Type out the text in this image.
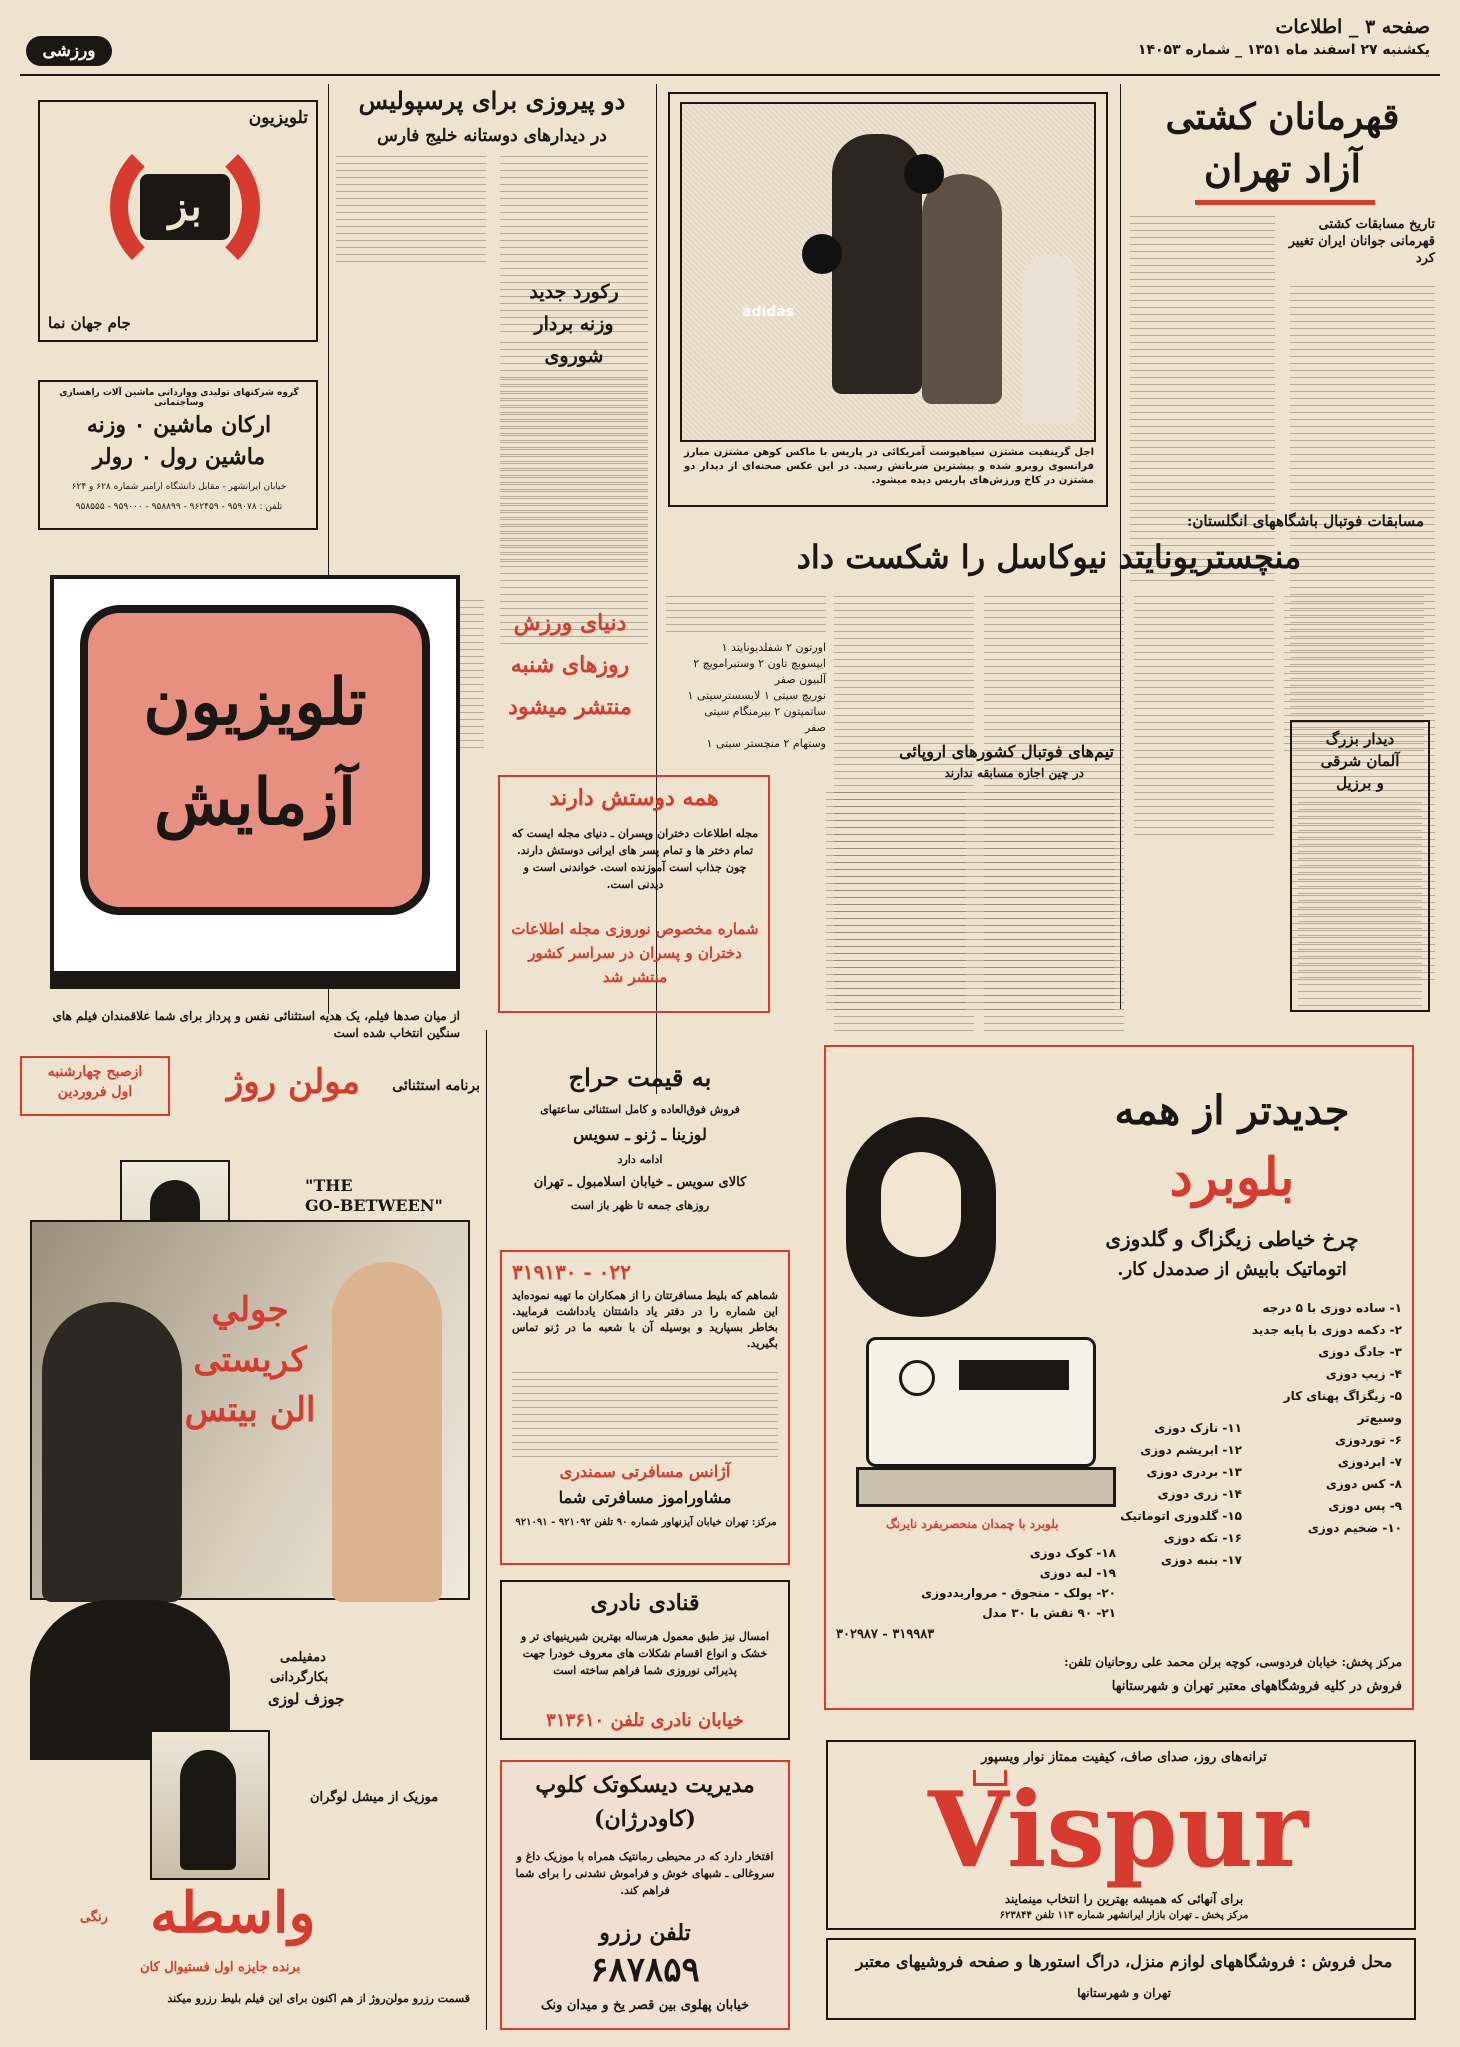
صفحه ۳ _ اطلاعات
یکشنبه ۲۷ اسفند ماه ۱۳۵۱ _ شماره ۱۴۰۵۳
ورزشی
قهرمانان کشتی
آزاد تهران
تاریخ مسابقات کشتی قهرمانی جوانان ایران تغییر کرد
adidas
اجل گرینفیت مشتزن سیاهپوست آمریکائی در پاریس با ماکس کوهن مشتزن مبارز فرانسوی روبرو شده و بیشترین ضرباتش رسید. در این عکس صحنه‌ای از دیدار دو مشتزن در کاخ ورزش‌های پاریس دیده میشود.
دو پیروزی برای پرسپولیس
در دیدارهای دوستانه خلیج فارس
رکورد جدید
وزنه بردار
شوروی
تلویزیون
بز
جام جهان نما
گروه شرکتهای تولیدی وواردانی ماشین آلات راهسازی وساختمانی
ارکان ماشین ۰ وزنه
ماشین رول ۰ رولر
خیابان ایرانشهر - مقابل دانشگاه ارامبر شماره ۶۲۸ و ۶۲۴
تلفن : ۹۵۹۰۷۸ - ۹۶۲۴۵۹ - ۹۵۸۸۹۹ - ۹۵۹۰۰۰ - ۹۵۸۵۵۵
مسابقات فوتبال باشگاههای انگلستان:
منچستریونایتد نیوکاسل را شکست داد
اورتون ۲ شفلدیونایتد ۱
ایپسویچ تاون ۲ وستبرامویچ ۲
آلبیون صفر
نوریچ سیتی ۱ لایسسترسیتی ۱
ساتمپتون ۲ بیرمنگام سیتی
صفر
وستهام ۲ منچستر سیتی ۱	تیم‌های فوتبال کشورهای اروپائی
در چین اجازه مسابقه ندارند
دیدار بزرگ
آلمان شرقی
و برزیل
دنیای ورزش
روزهای شنبه
منتشر میشود
تلویزیون
آزمایش
از میان صدها فیلم، یک هدیه استثنائی نفس و پرداز برای شما علاقمندان فیلم های سنگین انتخاب شده است
همه دوستش دارند
مجله اطلاعات دختران وپسران ـ دنیای مجله ایست که تمام دختر ها و تمام پسر های ایرانی دوستش دارند. چون جذاب است آموزنده است. خواندنی است و دیدنی است.
شماره مخصوص نوروزی مجله اطلاعات دختران و پسران در سراسر کشور منتشر شد
برنامه استثنائی
مولن روژ
ازصبح چهارشنبه
اول فروردین
"THE
GO-BETWEEN"
جولي
كريستى
الن بيتس
دمفیلمی
بکارگردانی
جوزف لوزی
موزیک از میشل لوگران
واسطه
رنگی
برنده جایزه اول فستیوال کان
قسمت رزرو مولن‌روژ از هم اکنون برای این فیلم بلیط رزرو میکند
به قیمت حراج
فروش فوق‌العاده و کامل استثنائی ساعتهای
لوزینا ـ ژنو ـ سویس
ادامه دارد
کالای سویس ـ خیابان اسلامبول ـ تهران
روزهای جمعه تا ظهر باز است
۳۱۹۱۳۰ - ۰۲۲
شماهم که بلیط مسافرتتان را از همکاران ما تهیه نموده‌اید این شماره را در دفتر یاد داشتتان یادداشت فرمایید. بخاطر بسپارید و بوسیله آن با شعبه ما در ژنو تماس بگیرید.
آژانس مسافرتی سمندری
مشاوراموز مسافرتی شما
مرکز: تهران خیابان آیزنهاور شماره ۹۰ تلفن ۹۲۱۰۹۲ - ۹۲۱۰۹۱
قنادی نادری
امسال نیز طبق معمول هرساله بهترین شیرینیهای تر و خشک و انواع اقسام شکلات های معروف خودرا جهت پذیرائی نوروزی شما فراهم ساخته است
خیابان نادری تلفن ۳۱۳۶۱۰
مدیریت دیسکوتک کلوپ
(کاودرژان)
افتخار دارد که در محیطی رمانتیک همراه با موزیک داغ و سروغالی ـ شبهای خوش و فراموش نشدنی را برای شما فراهم کند.
تلفن رزرو
۶۸۷۸۵۹
خیابان پهلوی بین قصر یخ و میدان ونک
جدیدتر از همه
بلوبرد
چرخ خیاطی زیگزاگ و گلدوزی
اتوماتیک بابیش از صدمدل کار.
۱- ساده دوزی با ۵ درجه
۲- دکمه دوزی با پایه جدید
۳- جادگ دوزی
۴- زیپ دوزی
۵- زیگزاگ پهنای کار وسیع‌تر
۶- توردوزی
۷- ابردوزی
۸- کس دوزی
۹- پس دوزی
۱۰- ضخیم دوزی
۱۱- نازک دوزی
۱۲- ابریشم دوزی
۱۳- بردری دوزی
۱۴- زری دوزی
۱۵- گلدوزی اتوماتیک
۱۶- تکه دوزی
۱۷- بنبه دوزی
بلوبرد با چمدان منحصربفرد نایرنگ
۱۸- کوک دوزی
۱۹- لبه دوزی
۲۰- پولک - منجوق - مرواریددوزی
۲۱- ۹۰ نقش با ۳۰ مدل
۳۱۹۹۸۳ - ۳۰۲۹۸۷
مرکز پخش: خیابان فردوسی، کوچه برلن محمد علی روحانیان تلفن:
فروش در کلیه فروشگاههای معتبر تهران و شهرستانها
ترانه‌های روز، صدای صاف، کیفیت ممتاز نوار ویسپور
Vispur
برای آنهائی که همیشه بهترین را انتخاب مینمایند
مرکز پخش ـ تهران بازار ایرانشهر شماره ۱۱۳ تلفن ۶۲۳۸۴۴
محل فروش : فروشگاههای لوازم منزل، دراگ استورها و صفحه فروشیهای معتبر
تهران و شهرستانها
